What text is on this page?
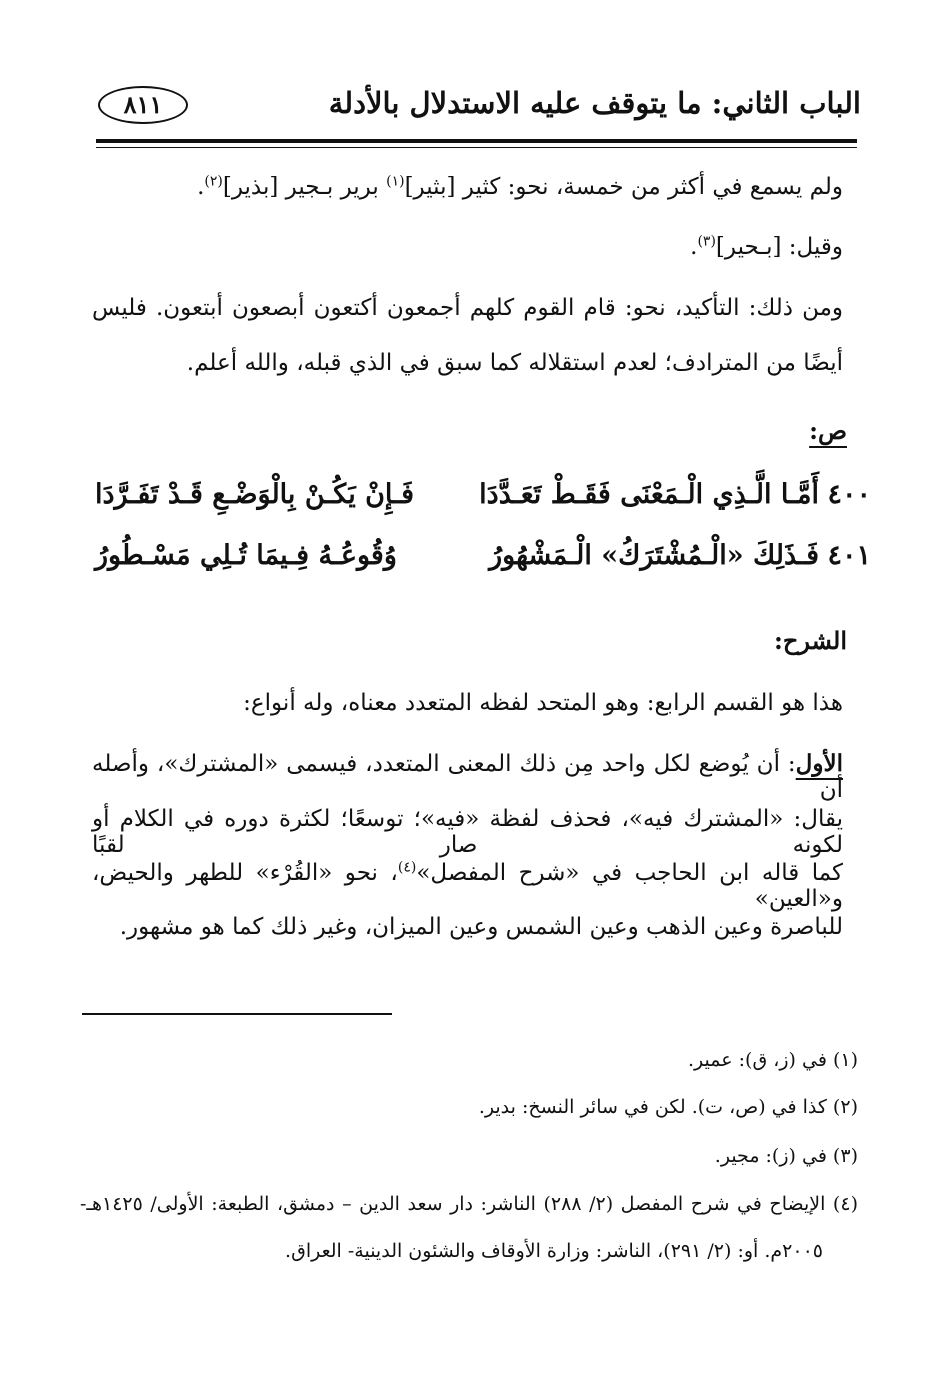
الباب الثاني: ما يتوقف عليه الاستدلال بالأدلة
٨١١
ولم يسمع في أكثر من خمسة، نحو: كثير [بثير]$^{(١)}$ برير بـجير [بذير]$^{(٢)}$.
وقيل: [بـحير]$^{(٣)}$.
ومن ذلك: التأكيد، نحو: قام القوم كلهم أجمعون أكتعون أبصعون أبتعون. فليس
أيضًا من المترادف؛ لعدم استقلاله كما سبق في الذي قبله، والله أعلم.
ص:
٤٠٠
أَمَّـا الَّـذِي الْـمَعْنَى فَقَـطْ تَعَـدَّدَا
فَـإِنْ يَكُـنْ بِالْوَضْـعِ قَـدْ تَفَـرَّدَا
٤٠١
فَـذَلِكَ «الْـمُشْتَرَكُ» الْـمَشْهُورُ
وُقُوعُـهُ فِـيمَا تُـلِي مَسْـطُورُ
الشرح:
هذا هو القسم الرابع: وهو المتحد لفظه المتعدد معناه، وله أنواع:
الأول: أن يُوضع لكل واحد مِن ذلك المعنى المتعدد، فيسمى «المشترك»، وأصله أن
يقال: «المشترك فيه»، فحذف لفظة «فيه»؛ توسعًا؛ لكثرة دوره في الكلام أو لكونه صار لقبًا
كما قاله ابن الحاجب في «شرح المفصل»$^{(٤)}$، نحو «القُرْء» للطهر والحيض، و«العين»
للباصرة وعين الذهب وعين الشمس وعين الميزان، وغير ذلك كما هو مشهور.
(١) في (ز، ق): عمير.
(٢) كذا في (ص، ت). لكن في سائر النسخ: بدير.
(٣) في (ز): مجير.
(٤) الإيضاح في شرح المفصل (٢/ ٢٨٨) الناشر: دار سعد الدين – دمشق، الطبعة: الأولى/ ١٤٢٥هـ-
٢٠٠٥م. أو: (٢/ ٢٩١)، الناشر: وزارة الأوقاف والشئون الدينية- العراق.
